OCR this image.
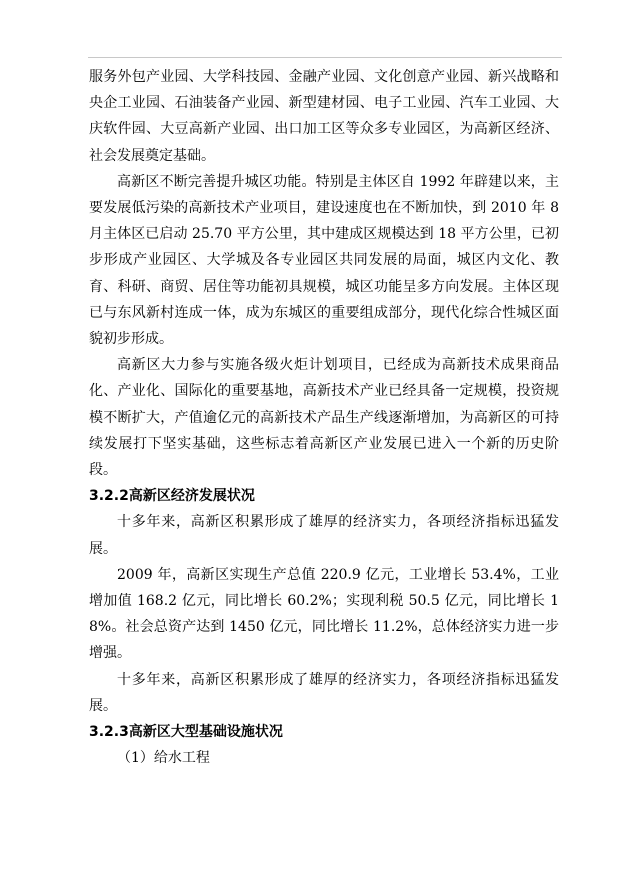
服务外包产业园、大学科技园、金融产业园、文化创意产业园、新兴战略和央企工业园、石油装备产业园、新型建材园、电子工业园、汽车工业园、大庆软件园、大豆高新产业园、出口加工区等众多专业园区，为高新区经济、社会发展奠定基础。

高新区不断完善提升城区功能。特别是主体区自 1992 年辟建以来，主要发展低污染的高新技术产业项目，建设速度也在不断加快，到 2010 年 8 月主体区已启动 25.70 平方公里，其中建成区规模达到 18 平方公里，已初步形成产业园区、大学城及各专业园区共同发展的局面，城区内文化、教育、科研、商贸、居住等功能初具规模，城区功能呈多方向发展。主体区现已与东风新村连成一体，成为东城区的重要组成部分，现代化综合性城区面貌初步形成。

高新区大力参与实施各级火炬计划项目，已经成为高新技术成果商品化、产业化、国际化的重要基地，高新技术产业已经具备一定规模，投资规模不断扩大，产值逾亿元的高新技术产品生产线逐渐增加，为高新区的可持续发展打下坚实基础，这些标志着高新区产业发展已进入一个新的历史阶段。

3.2.2高新区经济发展状况

十多年来，高新区积累形成了雄厚的经济实力，各项经济指标迅猛发展。

2009 年，高新区实现生产总值 220.9 亿元，工业增长 53.4%，工业增加值 168.2 亿元，同比增长 60.2%；实现利税 50.5 亿元，同比增长 18%。社会总资产达到 1450 亿元，同比增长 11.2%，总体经济实力进一步增强。

十多年来，高新区积累形成了雄厚的经济实力，各项经济指标迅猛发展。

3.2.3高新区大型基础设施状况

（1）给水工程
